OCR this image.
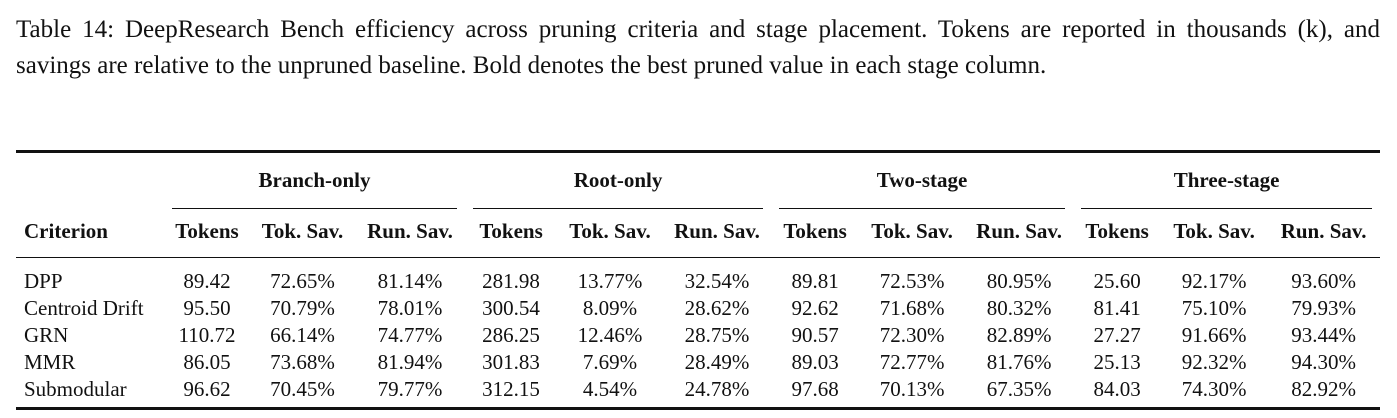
Table 14: DeepResearch Bench efficiency across pruning criteria and stage placement. Tokens are reported in thousands (k), and savings are relative to the unpruned baseline. Bold denotes the best pruned value in each stage column.

	Branch-only			Root-only			Two-stage			Three-stage		
Criterion	Tokens	Tok. Sav.	Run. Sav.	Tokens	Tok. Sav.	Run. Sav.	Tokens	Tok. Sav.	Run. Sav.	Tokens	Tok. Sav.	Run. Sav.
DPP	89.42	72.65%	81.14%	281.98	13.77%	32.54%	89.81	72.53%	80.95%	25.60	92.17%	93.60%
Centroid Drift	95.50	70.79%	78.01%	300.54	8.09%	28.62%	92.62	71.68%	80.32%	81.41	75.10%	79.93%
GRN	110.72	66.14%	74.77%	286.25	12.46%	28.75%	90.57	72.30%	82.89%	27.27	91.66%	93.44%
MMR	86.05	73.68%	81.94%	301.83	7.69%	28.49%	89.03	72.77%	81.76%	25.13	92.32%	94.30%
Submodular	96.62	70.45%	79.77%	312.15	4.54%	24.78%	97.68	70.13%	67.35%	84.03	74.30%	82.92%
